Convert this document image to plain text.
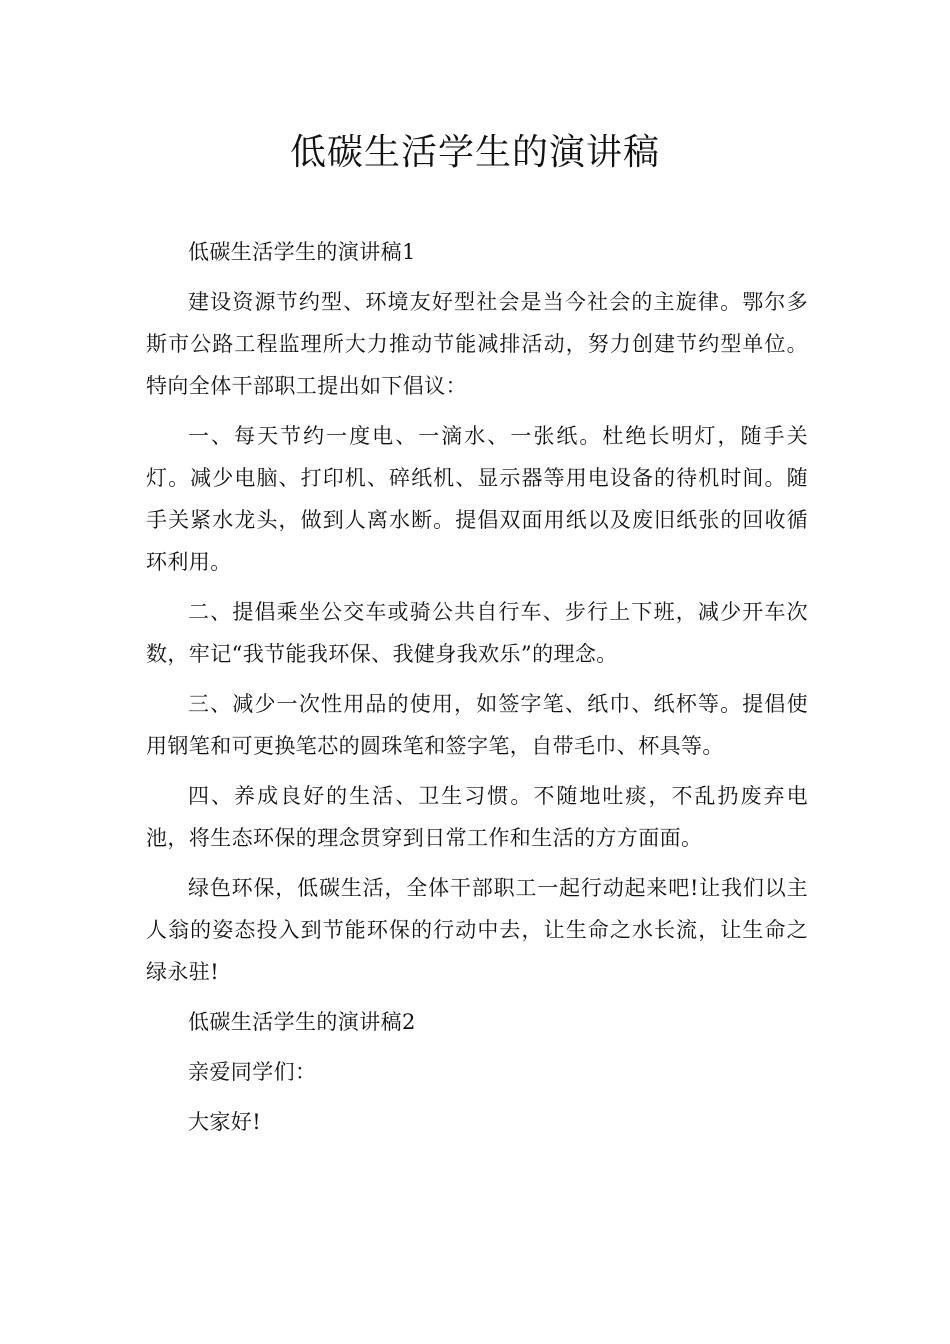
低碳生活学生的演讲稿

低碳生活学生的演讲稿1

建设资源节约型、环境友好型社会是当今社会的主旋律。鄂尔多斯市公路工程监理所大力推动节能减排活动，努力创建节约型单位。特向全体干部职工提出如下倡议：

一、每天节约一度电、一滴水、一张纸。杜绝长明灯，随手关灯。减少电脑、打印机、碎纸机、显示器等用电设备的待机时间。随手关紧水龙头，做到人离水断。提倡双面用纸以及废旧纸张的回收循环利用。

二、提倡乘坐公交车或骑公共自行车、步行上下班，减少开车次数，牢记“我节能我环保、我健身我欢乐”的理念。

三、减少一次性用品的使用，如签字笔、纸巾、纸杯等。提倡使用钢笔和可更换笔芯的圆珠笔和签字笔，自带毛巾、杯具等。

四、养成良好的生活、卫生习惯。不随地吐痰，不乱扔废弃电池，将生态环保的理念贯穿到日常工作和生活的方方面面。

绿色环保，低碳生活，全体干部职工一起行动起来吧!让我们以主人翁的姿态投入到节能环保的行动中去，让生命之水长流，让生命之绿永驻!

低碳生活学生的演讲稿2

亲爱同学们：

大家好!
